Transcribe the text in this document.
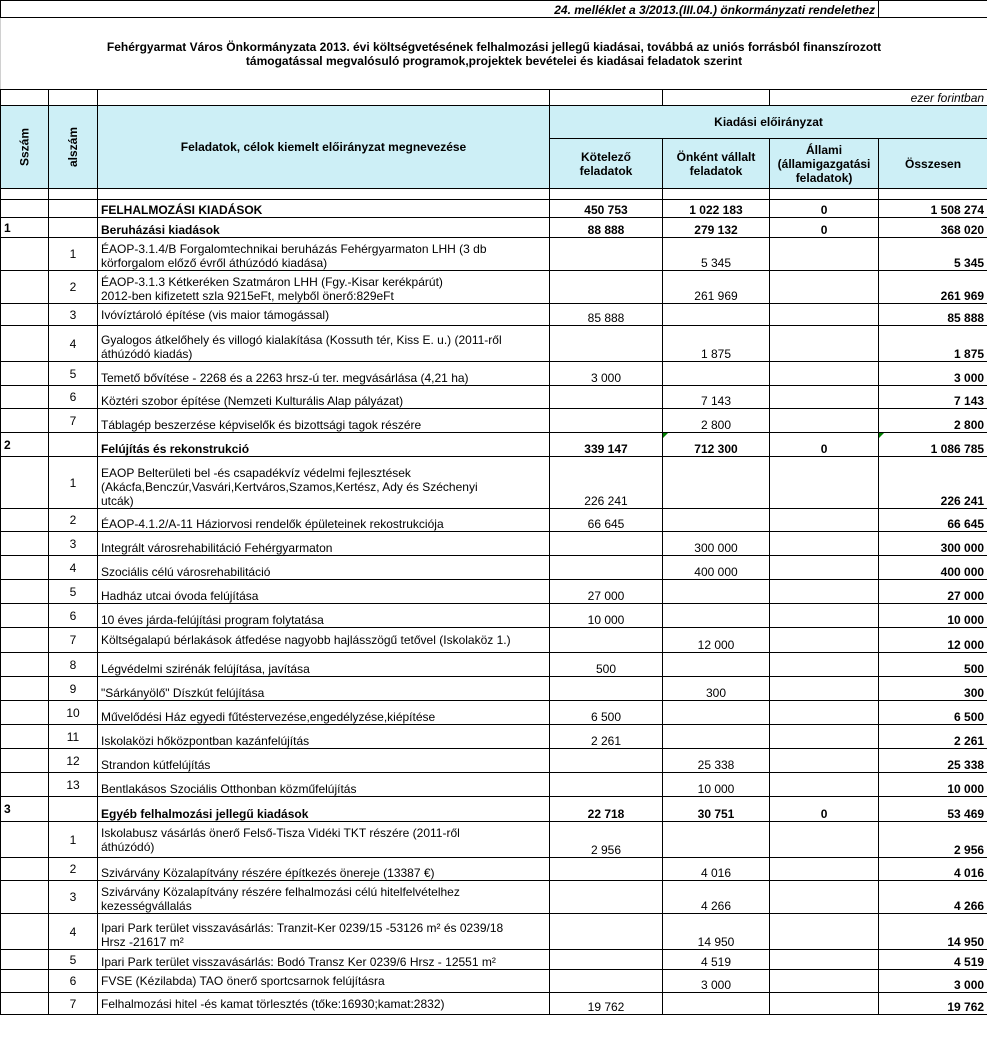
24. melléklet a 3/2013.(III.04.) önkormányzati rendelethez						

Fehérgyarmat Város Önkormányzata 2013. évi költségvetésének felhalmozási jellegű kiadásai, továbbá az uniós forrásból finanszírozott
támogatással megvalósuló programok,projektek bevételei és kiadásai feladatok szerint						

					ezer forintban	

Sszám	alszám	Feladatok, célok kiemelt előirányzat megnevezése	Kiadási előirányzat			
			Kötelező feladatok	Önként vállalt feladatok	Állami (államigazgatási feladatok)	Összesen

		FELHALMOZÁSI KIADÁSOK	450 753	1 022 183	0	1 508 274
1		Beruházási kiadások	88 888	279 132	0	368 020
	1	ÉAOP-3.1.4/B Forgalomtechnikai beruházás Fehérgyarmaton LHH (3 db
körforgalom előző évről áthúzódó kiadása)		5 345		5 345
	2	ÉAOP-3.1.3 Kétkeréken Szatmáron LHH (Fgy.-Kisar kerékpárút)
2012-ben kifizetett szla 9215eFt, melyből önerő:829eFt		261 969		261 969
	3	Ivóvíztároló építése (vis maior támogással)	85 888			85 888
	4	Gyalogos átkelőhely és villogó kialakítása (Kossuth tér, Kiss E. u.) (2011-ről
áthúzódó kiadás)		1 875		1 875
	5	Temető bővítése - 2268 és a 2263 hrsz-ú ter. megvásárlása (4,21 ha)	3 000			3 000
	6	Köztéri szobor építése (Nemzeti Kulturális Alap pályázat)		7 143		7 143
	7	Táblagép beszerzése képviselők és bizottsági tagok részére		2 800		2 800
2		Felújítás és rekonstrukció	339 147	712 300	0	1 086 785
	1	EAOP Belterületi bel -és csapadékvíz védelmi fejlesztések
(Akácfa,Benczúr,Vasvári,Kertváros,Szamos,Kertész, Ady és Széchenyi
utcák)	226 241			226 241
	2	ÉAOP-4.1.2/A-11 Háziorvosi rendelők épületeinek rekostrukciója	66 645			66 645
	3	Integrált városrehabilitáció Fehérgyarmaton		300 000		300 000
	4	Szociális célú városrehabilitáció		400 000		400 000
	5	Hadház utcai óvoda felújítása	27 000			27 000
	6	10 éves járda-felújítási program folytatása	10 000			10 000
	7	Költségalapú bérlakások átfedése nagyobb hajlásszögű tetővel (Iskolaköz 1.)		12 000		12 000
	8	Légvédelmi szirénák felújítása, javítása	500			500
	9	"Sárkányölő" Díszkút felújítása		300		300
	10	Művelődési Ház egyedi fűtéstervezése,engedélyzése,kiépítése	6 500			6 500
	11	Iskolaközi hőközpontban kazánfelújítás	2 261			2 261
	12	Strandon kútfelújítás		25 338		25 338
	13	Bentlakásos Szociális Otthonban közműfelújítás		10 000		10 000
3		Egyéb felhalmozási jellegű kiadások	22 718	30 751	0	53 469
	1	Iskolabusz vásárlás önerő Felső-Tisza Vidéki TKT részére (2011-ről
áthúzódó)	2 956			2 956
	2	Szivárvány Közalapítvány részére építkezés önereje (13387 €)		4 016		4 016
	3	Szivárvány Közalapítvány részére felhalmozási célú hitelfelvételhez
kezességvállalás		4 266		4 266
	4	Ipari Park terület visszavásárlás: Tranzit-Ker 0239/15 -53126 m² és 0239/18
Hrsz -21617 m²		14 950		14 950
	5	Ipari Park terület visszavásárlás: Bodó Transz Ker 0239/6 Hrsz - 12551 m²		4 519		4 519
	6	FVSE (Kézilabda) TAO önerő sportcsarnok felújításra		3 000		3 000
	7	Felhalmozási hitel -és kamat törlesztés (tőke:16930;kamat:2832)	19 762			19 762
